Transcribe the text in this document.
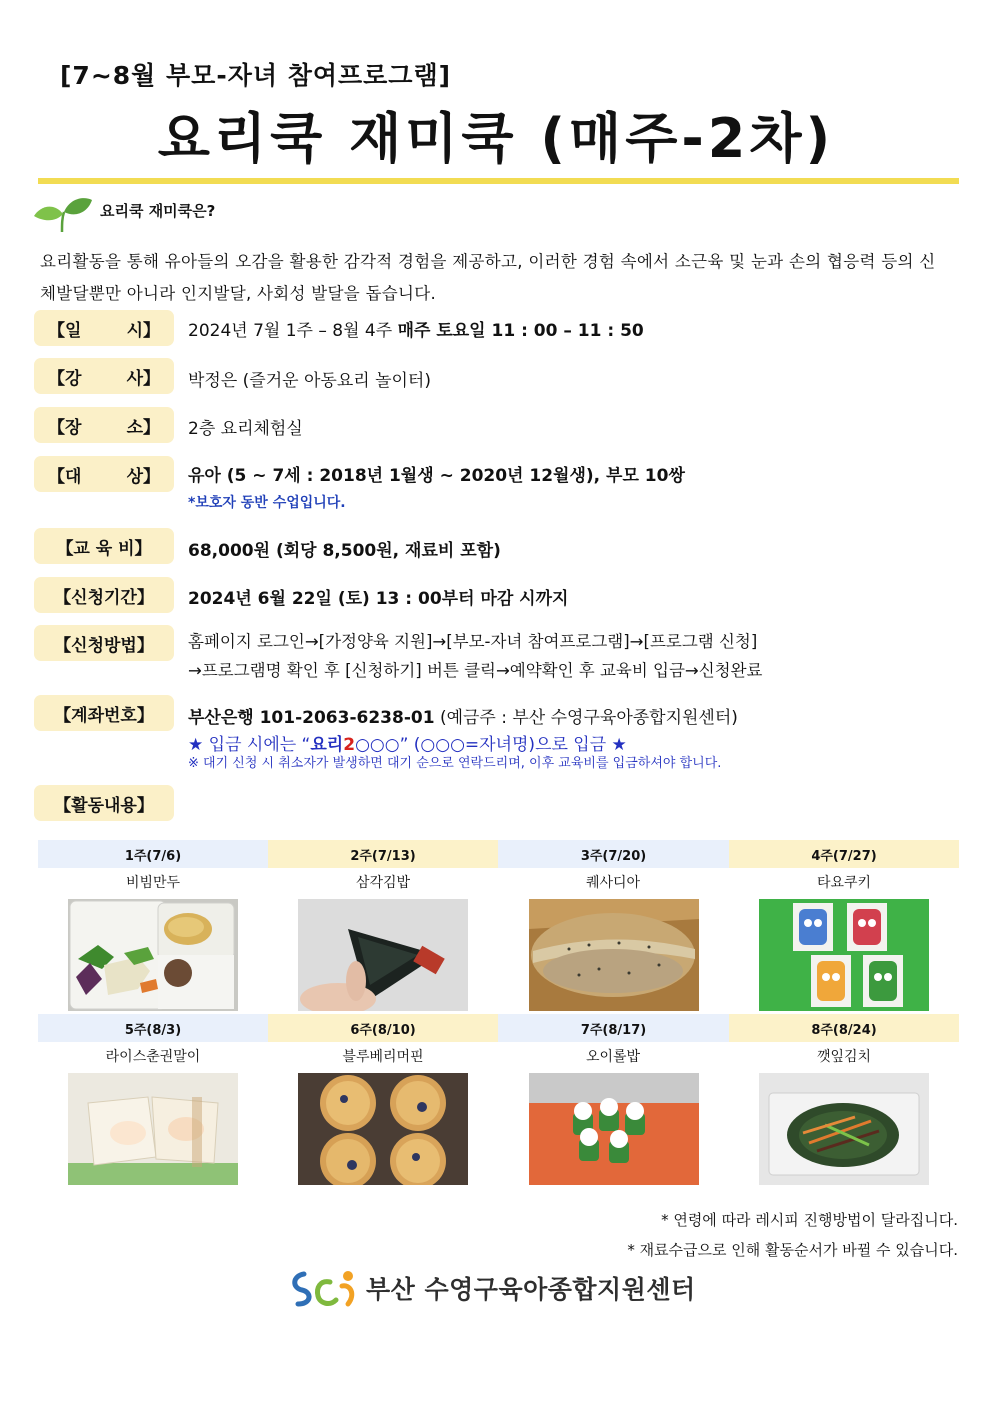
[7~8월 부모-자녀 참여프로그램]
요리쿡 재미쿡 (매주-2차)
요리쿡 재미쿡은?
요리활동을 통해 유아들의 오감을 활용한 감각적 경험을 제공하고, 이러한 경험 속에서 소근육 및 눈과 손의 협응력 등의 신체발달뿐만 아니라 인지발달, 사회성 발달을 돕습니다.
【일	시】 2024년 7월 1주 – 8월 4주 매주 토요일 11 : 00 – 11 : 50
【강	사】 박정은 (즐거운 아동요리 놀이터)
【장	소】 2층 요리체험실
【대	상】 유아 (5 ~ 7세 : 2018년 1월생 ~ 2020년 12월생), 부모 10쌍
*보호자 동반 수업입니다.
【교 육 비】	68,000원 (회당 8,500원, 재료비 포함)
【신청기간】	2024년 6월 22일 (토) 13 : 00부터 마감 시까지
【신청방법】	홈페이지 로그인→[가정양육 지원]→[부모-자녀 참여프로그램]→[프로그램 신청]
→프로그램명 확인 후 [신청하기] 버튼 클릭→예약확인 후 교육비 입금→신청완료
【계좌번호】	부산은행 101-2063-6238-01 (예금주 : 부산 수영구육아종합지원센터)
★ 입금 시에는 “요리2○○○” (○○○=자녀명)으로 입금 ★
※ 대기 신청 시 취소자가 발생하면 대기 순으로 연락드리며, 이후 교육비를 입금하셔야 합니다.
【활동내용】
1주(7/6)	2주(7/13)	3주(7/20)	4주(7/27)
비빔만두	삼각김밥	퀘사디아	타요쿠키
5주(8/3)	6주(8/10)	7주(8/17)	8주(8/24)
라이스춘권말이	블루베리머핀	오이롤밥	깻잎김치
* 연령에 따라 레시피 진행방법이 달라집니다.
* 재료수급으로 인해 활동순서가 바뀔 수 있습니다.
부산 수영구육아종합지원센터
